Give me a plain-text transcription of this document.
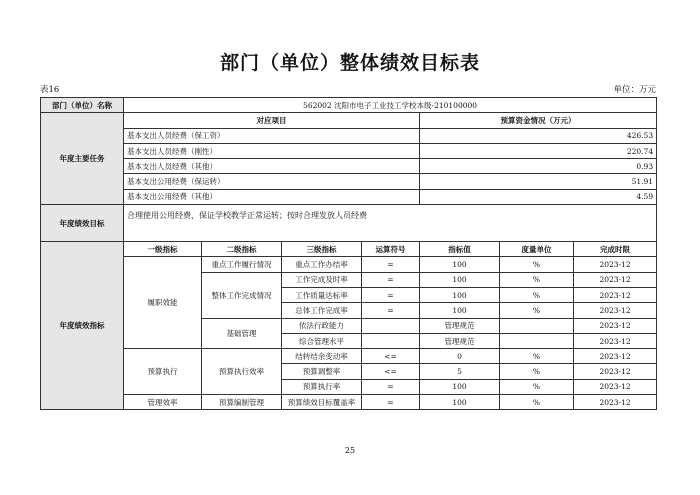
部门（单位）整体绩效目标表
表16	单位：万元
部门（单位）名称	562002 沈阳市电子工业技工学校本级-210100000						
年度主要任务	对应项目				预算资金情况（万元）		
	基本支出人员经费（保工资）				426.53		
	基本支出人员经费（刚性）				220.74		
	基本支出人员经费（其他）				0.93		
	基本支出公用经费（保运转）				51.91		
	基本支出公用经费（其他）				4.59		
年度绩效目标	合理使用公用经费，保证学校教学正常运转；按时合理发放人员经费						
年度绩效指标	一级指标	二级指标	三级指标	运算符号	指标值	度量单位	完成时限
	履职效能	重点工作履行情况	重点工作办结率	=	100	%	2023-12
		整体工作完成情况	工作完成及时率	=	100	%	2023-12
			工作质量达标率	=	100	%	2023-12
			总体工作完成率	=	100	%	2023-12
		基础管理	依法行政能力		管理规范		2023-12
			综合管理水平		管理规范		2023-12
	预算执行	预算执行效率	结转结余变动率	<=	0	%	2023-12
			预算调整率	<=	5	%	2023-12
			预算执行率	=	100	%	2023-12
	管理效率	预算编制管理	预算绩效目标覆盖率	=	100	%	2023-12
25
